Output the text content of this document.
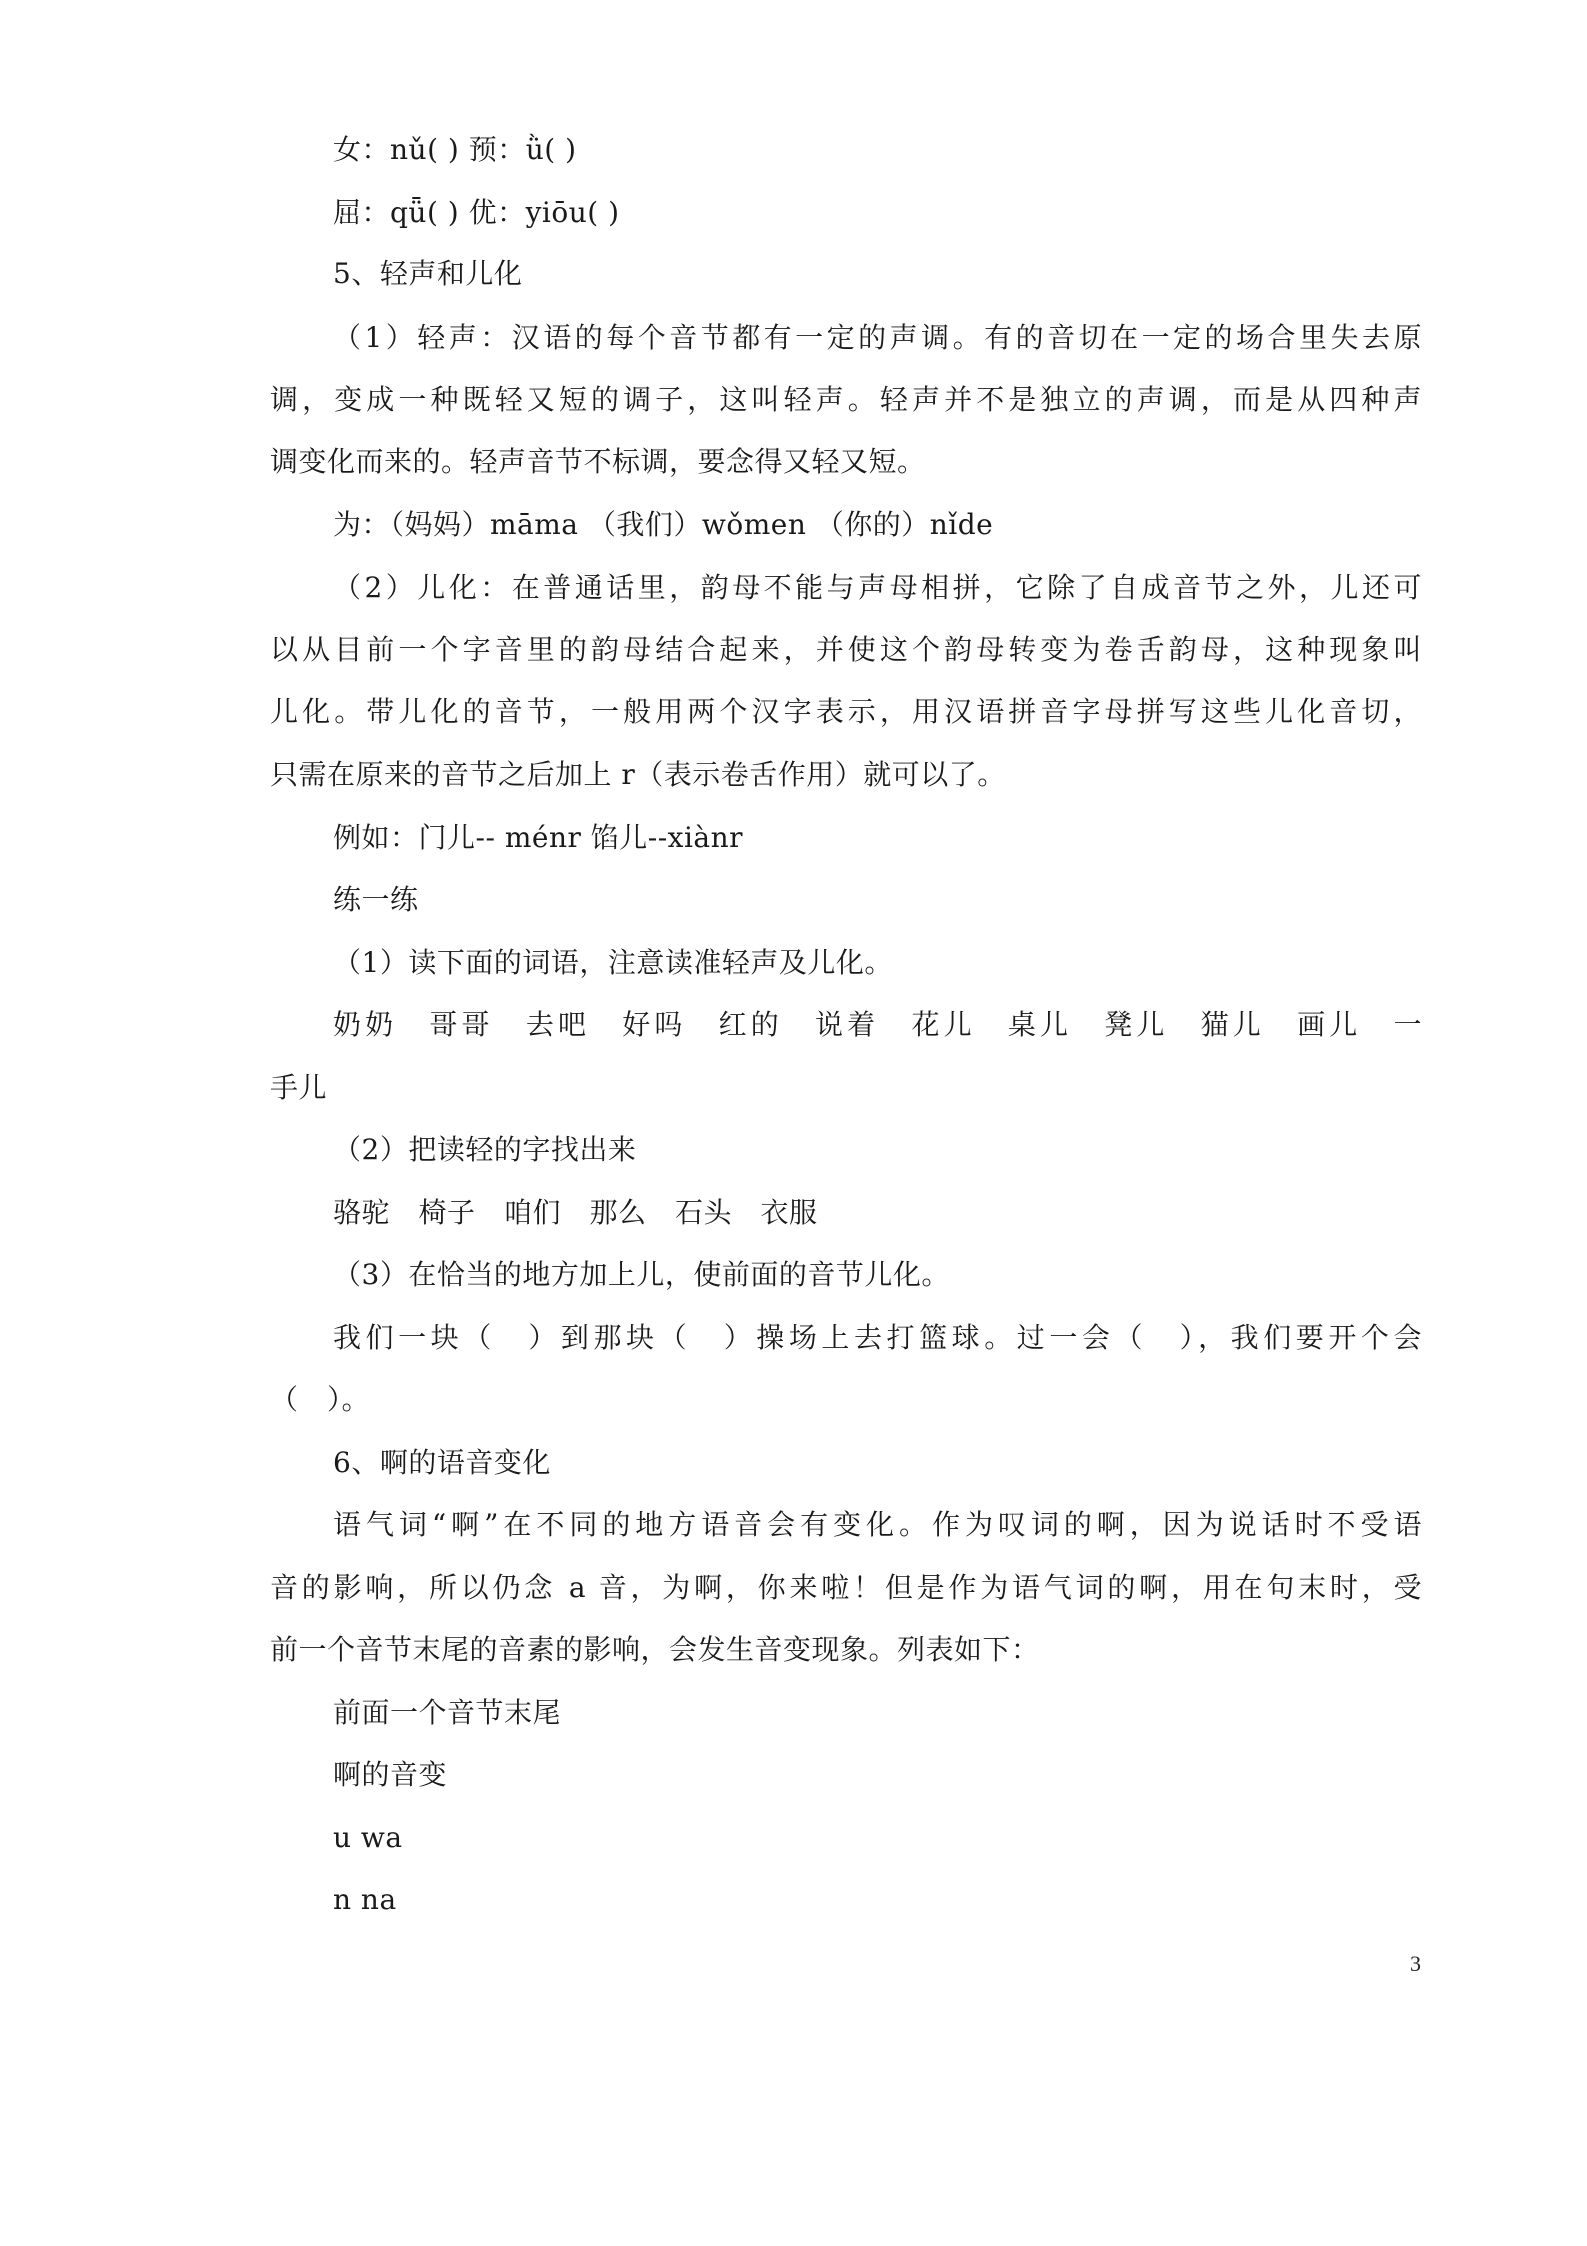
女：nǔ( ) 预：ǜ( )
屈：qǖ( ) 优：yiōu( )
5、轻声和儿化
（1）轻声：汉语的每个音节都有一定的声调。有的音切在一定的场合里失去原
调，变成一种既轻又短的调子，这叫轻声。轻声并不是独立的声调，而是从四种声
调变化而来的。轻声音节不标调，要念得又轻又短。
为：（妈妈）māma （我们）wǒmen （你的）nǐde
（2）儿化：在普通话里，韵母不能与声母相拼，它除了自成音节之外，儿还可
以从目前一个字音里的韵母结合起来，并使这个韵母转变为卷舌韵母，这种现象叫
儿化。带儿化的音节，一般用两个汉字表示，用汉语拼音字母拼写这些儿化音切，
只需在原来的音节之后加上 r（表示卷舌作用）就可以了。
例如：门儿-- ménr 馅儿--xiànr
练一练
（1）读下面的词语，注意读准轻声及儿化。
奶奶　哥哥　去吧　好吗　红的　说着　花儿　桌儿　凳儿　猫儿　画儿　一
手儿
（2）把读轻的字找出来
骆驼　椅子　咱们　那么　石头　衣服
（3）在恰当的地方加上儿，使前面的音节儿化。
我们一块（　）到那块（　）操场上去打篮球。过一会（　），我们要开个会
（　）。
6、啊的语音变化
语气词“啊”在不同的地方语音会有变化。作为叹词的啊，因为说话时不受语
音的影响，所以仍念 a 音，为啊，你来啦！但是作为语气词的啊，用在句末时，受
前一个音节末尾的音素的影响，会发生音变现象。列表如下：
前面一个音节末尾
啊的音变
u wa
n na
3
